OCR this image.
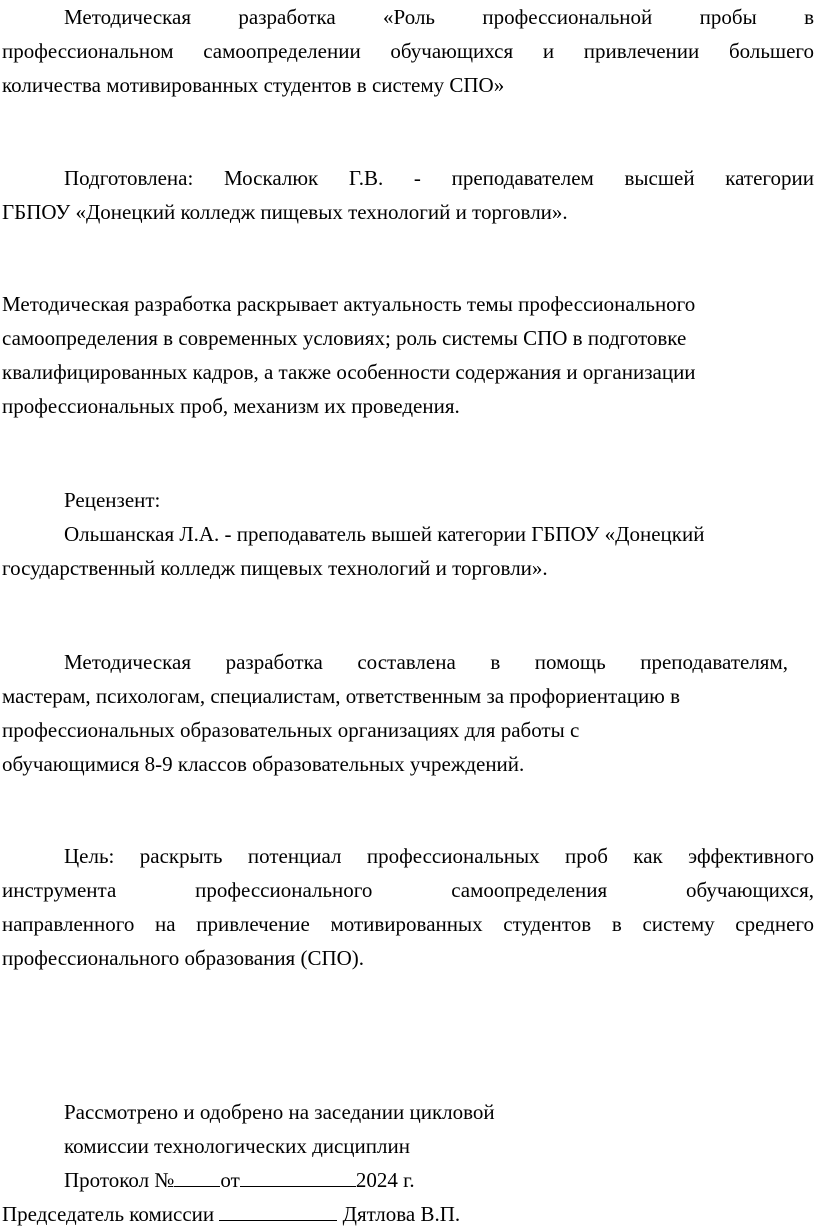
Методическая разработка «Роль профессиональной пробы в
профессиональном самоопределении обучающихся и привлечении большего
количества мотивированных студентов в систему СПО»
Подготовлена: Москалюк Г.В. - преподавателем высшей категории
ГБПОУ «Донецкий колледж пищевых технологий и торговли».
Методическая разработка раскрывает актуальность темы профессионального
самоопределения в современных условиях; роль системы СПО в подготовке
квалифицированных кадров, а также особенности содержания и организации
профессиональных проб, механизм их проведения.
Рецензент:
Ольшанская Л.А. - преподаватель вышей категории ГБПОУ «Донецкий
государственный колледж пищевых технологий и торговли».
Методическая разработка составлена в помощь преподавателям,
мастерам, психологам, специалистам, ответственным за профориентацию в
профессиональных образовательных организациях для работы с
обучающимися 8-9 классов образовательных учреждений.
Цель: раскрыть потенциал профессиональных проб как эффективного
инструмента профессионального самоопределения обучающихся,
направленного на привлечение мотивированных студентов в систему среднего
профессионального образования (СПО).
Рассмотрено и одобрено на заседании цикловой
комиссии технологических дисциплин
Протокол № от	2024 г.
Председатель комиссии	Дятлова В.П.
